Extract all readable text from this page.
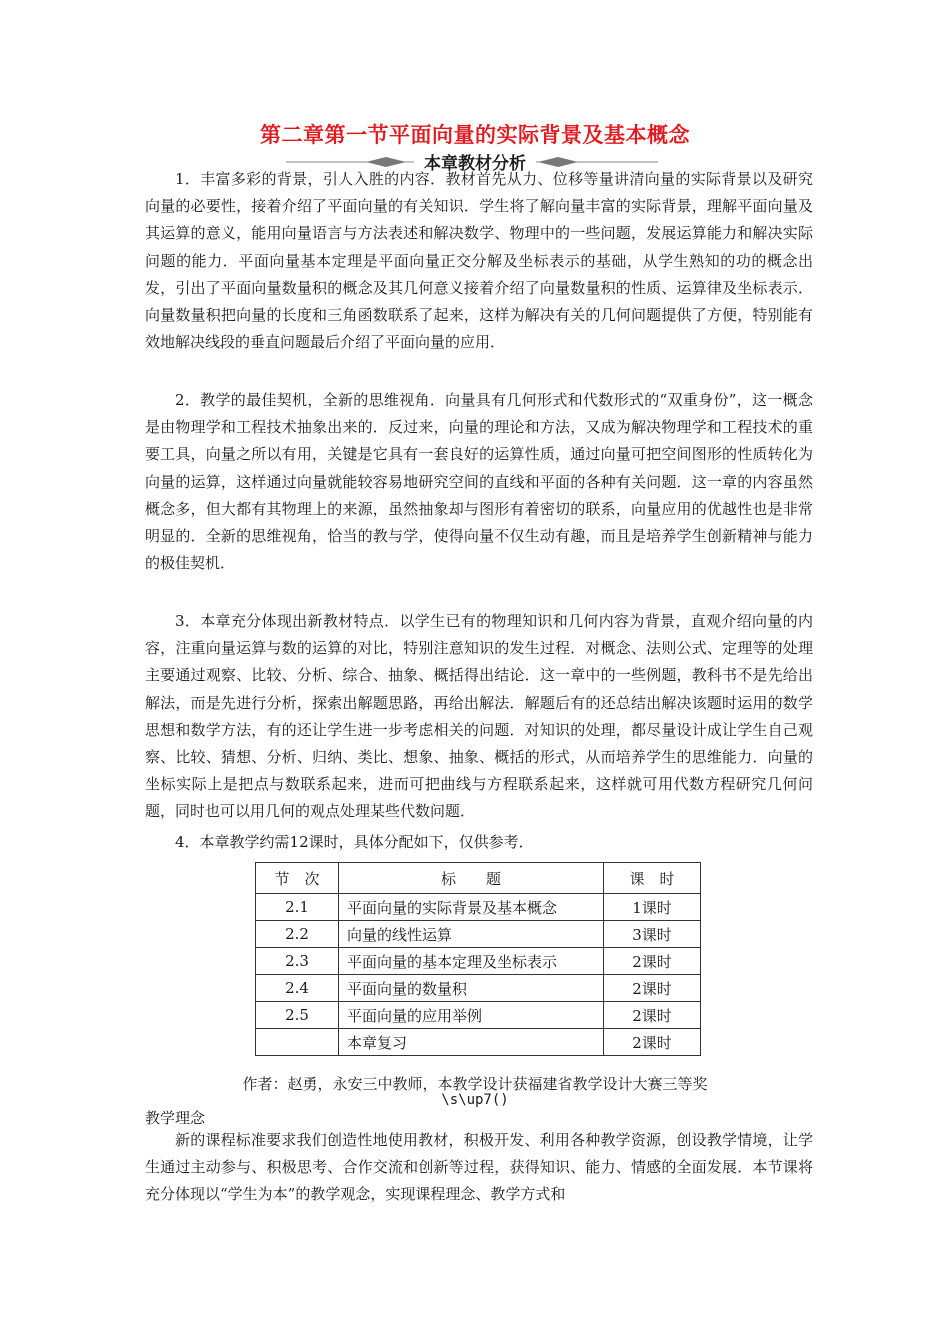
第二章第一节平面向量的实际背景及基本概念
本章教材分析

1．丰富多彩的背景，引人入胜的内容．教材首先从力、位移等量讲清向量的实际背景以及研究向量的必要性，接着介绍了平面向量的有关知识．学生将了解向量丰富的实际背景，理解平面向量及其运算的意义，能用向量语言与方法表述和解决数学、物理中的一些问题，发展运算能力和解决实际问题的能力．平面向量基本定理是平面向量正交分解及坐标表示的基础，从学生熟知的功的概念出发，引出了平面向量数量积的概念及其几何意义接着介绍了向量数量积的性质、运算律及坐标表示．向量数量积把向量的长度和三角函数联系了起来，这样为解决有关的几何问题提供了方便，特别能有效地解决线段的垂直问题最后介绍了平面向量的应用．

2．教学的最佳契机，全新的思维视角．向量具有几何形式和代数形式的“双重身份”，这一概念是由物理学和工程技术抽象出来的．反过来，向量的理论和方法，又成为解决物理学和工程技术的重要工具，向量之所以有用，关键是它具有一套良好的运算性质，通过向量可把空间图形的性质转化为向量的运算，这样通过向量就能较容易地研究空间的直线和平面的各种有关问题．这一章的内容虽然概念多，但大都有其物理上的来源，虽然抽象却与图形有着密切的联系，向量应用的优越性也是非常明显的．全新的思维视角，恰当的教与学，使得向量不仅生动有趣，而且是培养学生创新精神与能力的极佳契机．

3．本章充分体现出新教材特点．以学生已有的物理知识和几何内容为背景，直观介绍向量的内容，注重向量运算与数的运算的对比，特别注意知识的发生过程．对概念、法则公式、定理等的处理主要通过观察、比较、分析、综合、抽象、概括得出结论．这一章中的一些例题，教科书不是先给出解法，而是先进行分析，探索出解题思路，再给出解法．解题后有的还总结出解决该题时运用的数学思想和数学方法，有的还让学生进一步考虑相关的问题．对知识的处理，都尽量设计成让学生自己观察、比较、猜想、分析、归纳、类比、想象、抽象、概括的形式，从而培养学生的思维能力．向量的坐标实际上是把点与数联系起来，进而可把曲线与方程联系起来，这样就可用代数方程研究几何问题，同时也可以用几何的观点处理某些代数问题．

4．本章教学约需12课时，具体分配如下，仅供参考．

节　次	标　　题	课　时
2.1	平面向量的实际背景及基本概念	1课时
2.2	向量的线性运算	3课时
2.3	平面向量的基本定理及坐标表示	2课时
2.4	平面向量的数量积	2课时
2.5	平面向量的应用举例	2课时
	本章复习	2课时
作者：赵勇，永安三中教师，本教学设计获福建省教学设计大赛三等奖
\s\up7()
教学理念

新的课程标准要求我们创造性地使用教材，积极开发、利用各种教学资源，创设教学情境，让学生通过主动参与、积极思考、合作交流和创新等过程，获得知识、能力、情感的全面发展．本节课将充分体现以“学生为本”的教学观念，实现课程理念、教学方式和
